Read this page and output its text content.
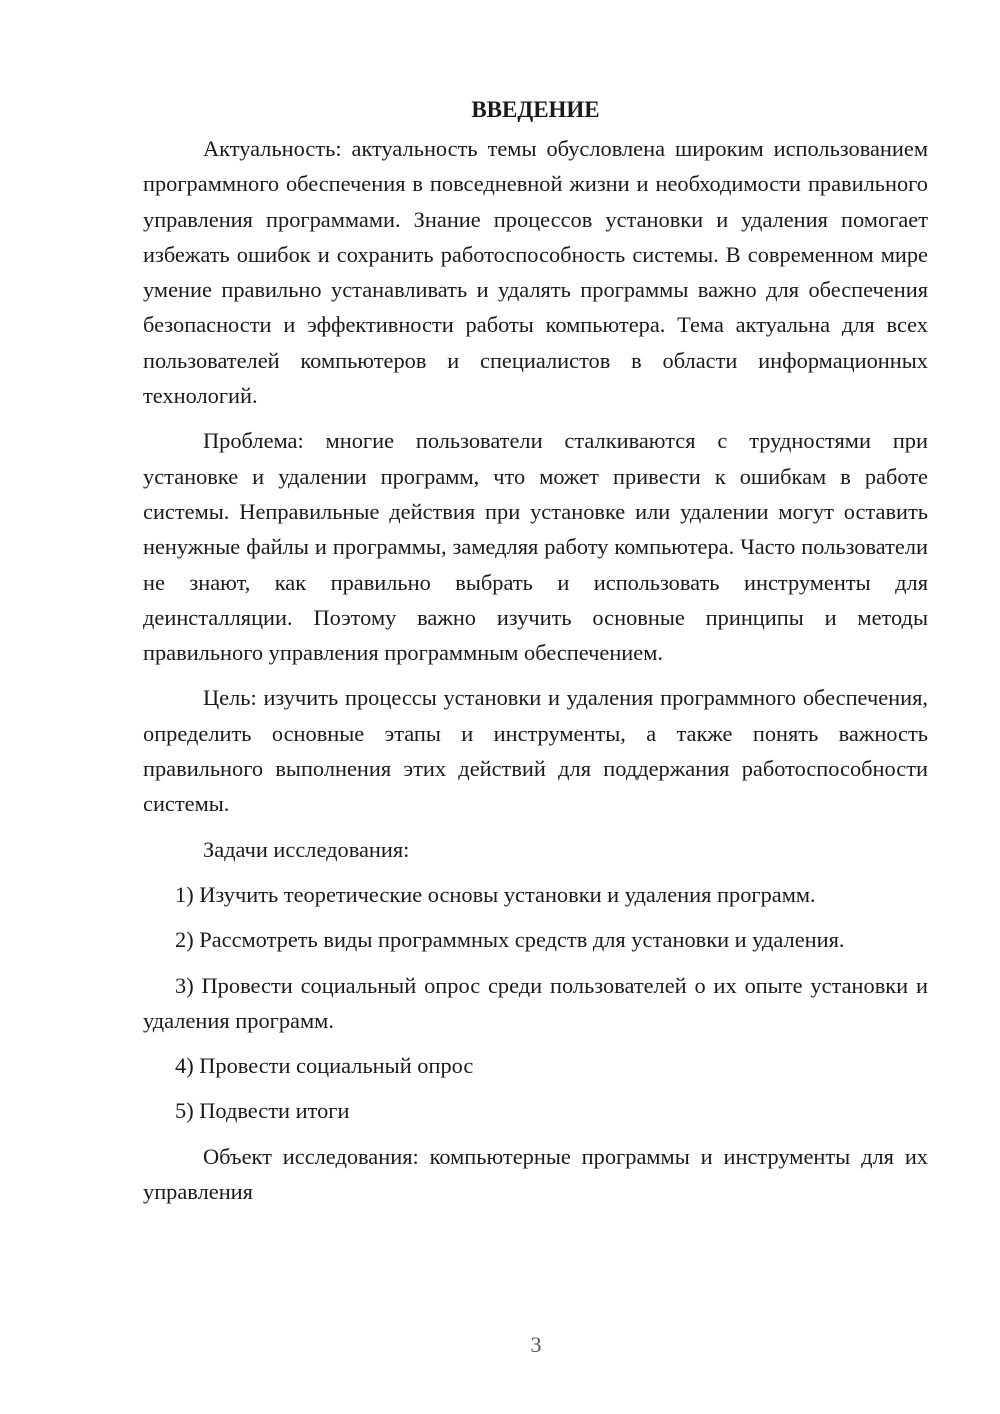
ВВЕДЕНИЕ

Актуальность: актуальность темы обусловлена широким использованием программного обеспечения в повседневной жизни и необходимости правильного управления программами. Знание процессов установки и удаления помогает избежать ошибок и сохранить работоспособность системы. В современном мире умение правильно устанавливать и удалять программы важно для обеспечения безопасности и эффективности работы компьютера. Тема актуальна для всех пользователей компьютеров и специалистов в области информационных технологий.

Проблема: многие пользователи сталкиваются с трудностями при установке и удалении программ, что может привести к ошибкам в работе системы. Неправильные действия при установке или удалении могут оставить ненужные файлы и программы, замедляя работу компьютера. Часто пользователи не знают, как правильно выбрать и использовать инструменты для деинсталляции. Поэтому важно изучить основные принципы и методы правильного управления программным обеспечением.

Цель: изучить процессы установки и удаления программного обеспечения, определить основные этапы и инструменты, а также понять важность правильного выполнения этих действий для поддержания работоспособности системы.

Задачи исследования:

1) Изучить теоретические основы установки и удаления программ.

2) Рассмотреть виды программных средств для установки и удаления.

3) Провести социальный опрос среди пользователей о их опыте установки и удаления программ.

4) Провести социальный опрос

5) Подвести итоги

Объект исследования: компьютерные программы и инструменты для их управления

3
